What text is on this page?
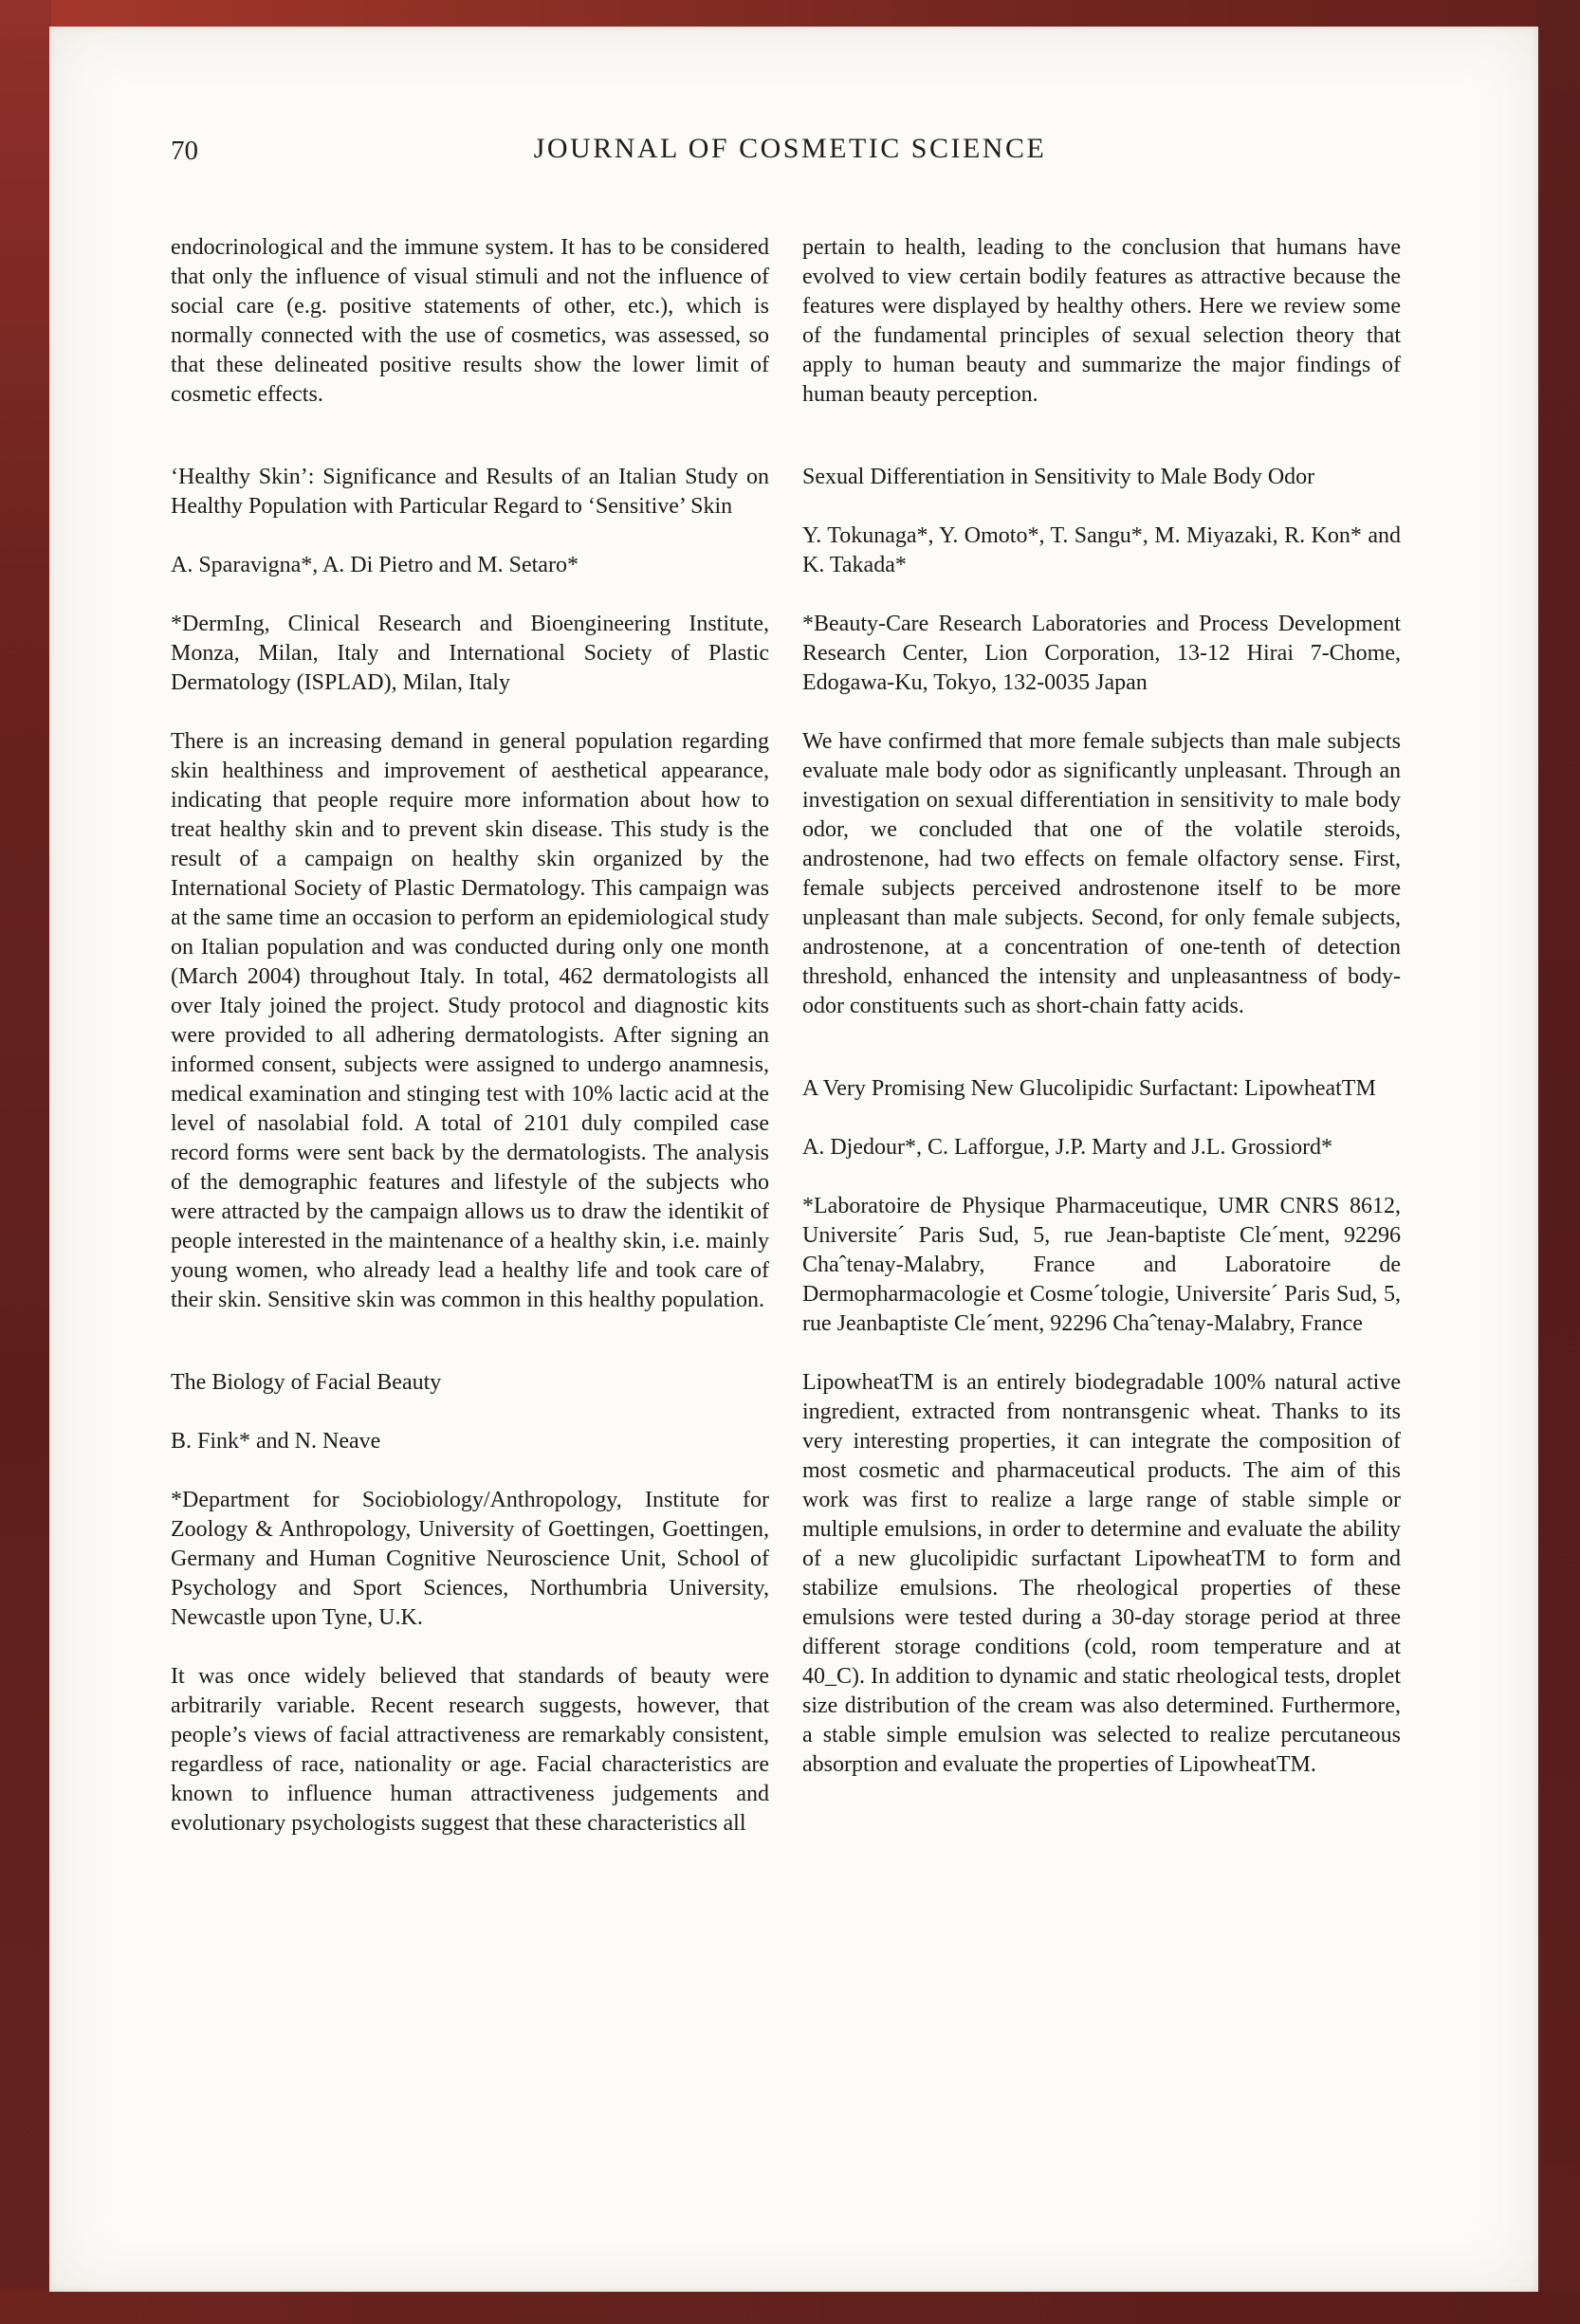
70	JOURNAL OF COSMETIC SCIENCE

endocrinological and the immune system. It has to be considered that only the influence of visual stimuli and not the influence of social care (e.g. positive statements of other, etc.), which is normally connected with the use of cosmetics, was assessed, so that these delineated positive results show the lower limit of cosmetic effects.

‘Healthy Skin’: Significance and Results of an Italian Study on Healthy Population with Particular Regard to ‘Sensitive’ Skin

A. Sparavigna*, A. Di Pietro and M. Setaro*

*DermIng, Clinical Research and Bioengineering Institute, Monza, Milan, Italy and International Society of Plastic Dermatology (ISPLAD), Milan, Italy

There is an increasing demand in general population regarding skin healthiness and improvement of aesthetical appearance, indicating that people require more information about how to treat healthy skin and to prevent skin disease. This study is the result of a campaign on healthy skin organized by the International Society of Plastic Dermatology. This campaign was at the same time an occasion to perform an epidemiological study on Italian population and was conducted during only one month (March 2004) throughout Italy. In total, 462 dermatologists all over Italy joined the project. Study protocol and diagnostic kits were provided to all adhering dermatologists. After signing an informed consent, subjects were assigned to undergo anamnesis, medical examination and stinging test with 10% lactic acid at the level of nasolabial fold. A total of 2101 duly compiled case record forms were sent back by the dermatologists. The analysis of the demographic features and lifestyle of the subjects who were attracted by the campaign allows us to draw the identikit of people interested in the maintenance of a healthy skin, i.e. mainly young women, who already lead a healthy life and took care of their skin. Sensitive skin was common in this healthy population.

The Biology of Facial Beauty

B. Fink* and N. Neave

*Department for Sociobiology/Anthropology, Institute for Zoology & Anthropology, University of Goettingen, Goettingen, Germany and Human Cognitive Neuroscience Unit, School of Psychology and Sport Sciences, Northumbria University, Newcastle upon Tyne, U.K.

It was once widely believed that standards of beauty were arbitrarily variable. Recent research suggests, however, that people’s views of facial attractiveness are remarkably consistent, regardless of race, nationality or age. Facial characteristics are known to influence human attractiveness judgements and evolutionary psychologists suggest that these characteristics all

pertain to health, leading to the conclusion that humans have evolved to view certain bodily features as attractive because the features were displayed by healthy others. Here we review some of the fundamental principles of sexual selection theory that apply to human beauty and summarize the major findings of human beauty perception.

Sexual Differentiation in Sensitivity to Male Body Odor

Y. Tokunaga*, Y. Omoto*, T. Sangu*, M. Miyazaki, R. Kon* and K. Takada*

*Beauty-Care Research Laboratories and Process Development Research Center, Lion Corporation, 13-12 Hirai 7-Chome, Edogawa-Ku, Tokyo, 132-0035 Japan

We have confirmed that more female subjects than male subjects evaluate male body odor as significantly unpleasant. Through an investigation on sexual differentiation in sensitivity to male body odor, we concluded that one of the volatile steroids, androstenone, had two effects on female olfactory sense. First, female subjects perceived androstenone itself to be more unpleasant than male subjects. Second, for only female subjects, androstenone, at a concentration of one-tenth of detection threshold, enhanced the intensity and unpleasantness of body-odor constituents such as short-chain fatty acids.

A Very Promising New Glucolipidic Surfactant: LipowheatTM

A. Djedour*, C. Lafforgue, J.P. Marty and J.L. Grossiord*

*Laboratoire de Physique Pharmaceutique, UMR CNRS 8612, Universite´ Paris Sud, 5, rue Jean-baptiste Cle´ment, 92296 Chaˆtenay-Malabry, France and Laboratoire de Dermopharmacologie et Cosme´tologie, Universite´ Paris Sud, 5, rue Jeanbaptiste Cle´ment, 92296 Chaˆtenay-Malabry, France

LipowheatTM is an entirely biodegradable 100% natural active ingredient, extracted from nontransgenic wheat. Thanks to its very interesting properties, it can integrate the composition of most cosmetic and pharmaceutical products. The aim of this work was first to realize a large range of stable simple or multiple emulsions, in order to determine and evaluate the ability of a new glucolipidic surfactant LipowheatTM to form and stabilize emulsions. The rheological properties of these emulsions were tested during a 30-day storage period at three different storage conditions (cold, room temperature and at 40_C). In addition to dynamic and static rheological tests, droplet size distribution of the cream was also determined. Furthermore, a stable simple emulsion was selected to realize percutaneous absorption and evaluate the properties of LipowheatTM.
